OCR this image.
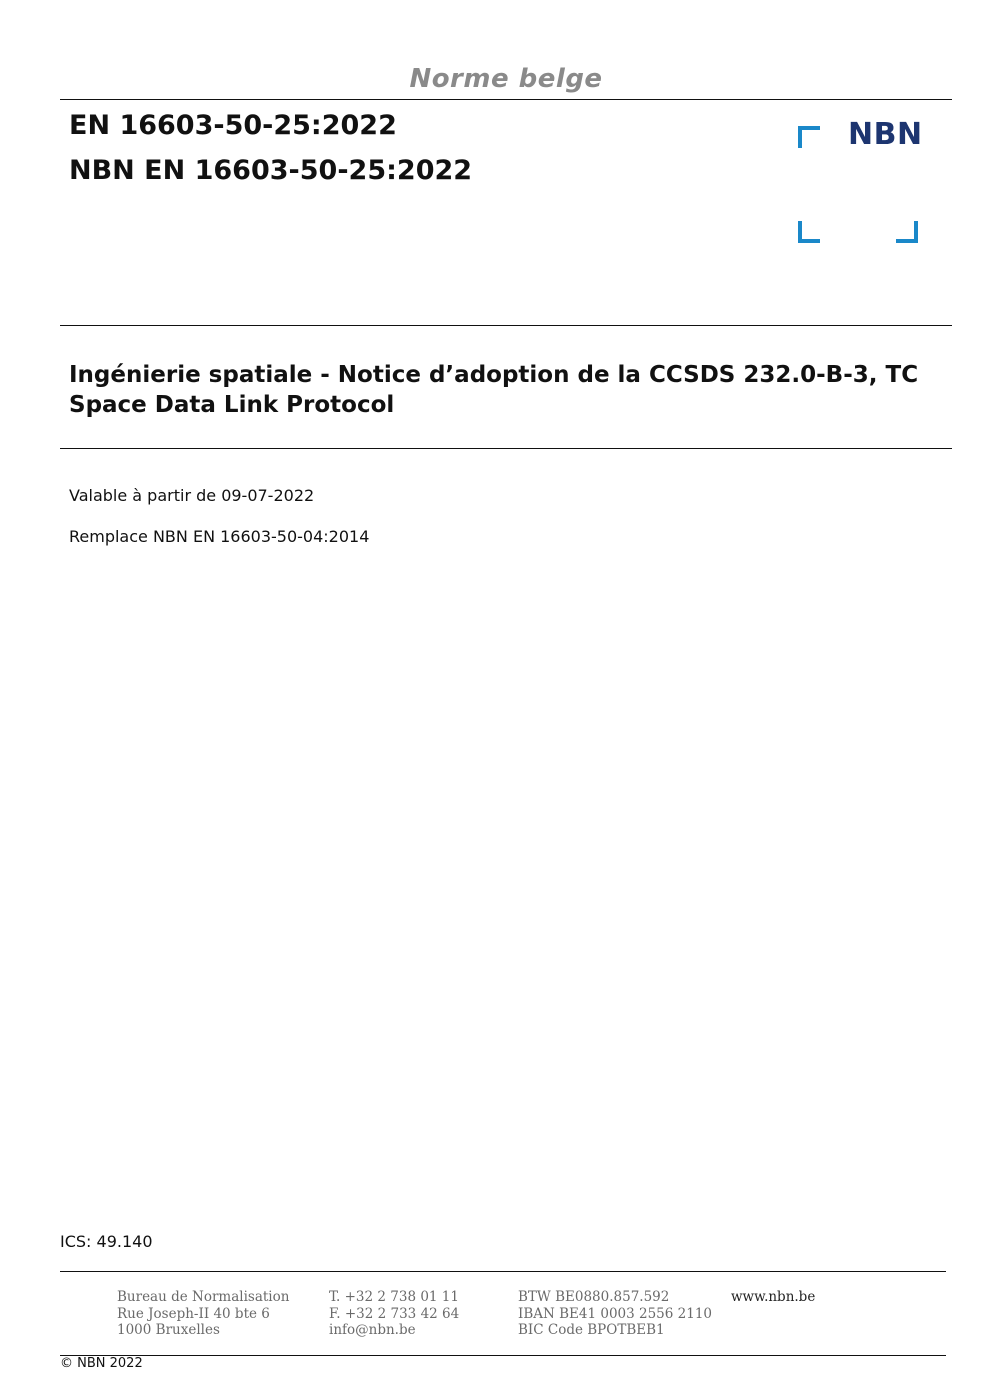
Norme belge
EN 16603-50-25:2022
NBN EN 16603-50-25:2022
NBN
Ingénierie spatiale - Notice d’adoption de la CCSDS 232.0-B-3, TC Space Data Link Protocol
Valable à partir de 09-07-2022
Remplace NBN EN 16603-50-04:2014
ICS: 49.140
Bureau de Normalisation
Rue Joseph-II 40 bte 6
1000 Bruxelles
T. +32 2 738 01 11
F. +32 2 733 42 64
info@nbn.be
BTW BE0880.857.592
IBAN BE41 0003 2556 2110
BIC Code BPOTBEB1
www.nbn.be
© NBN 2022
